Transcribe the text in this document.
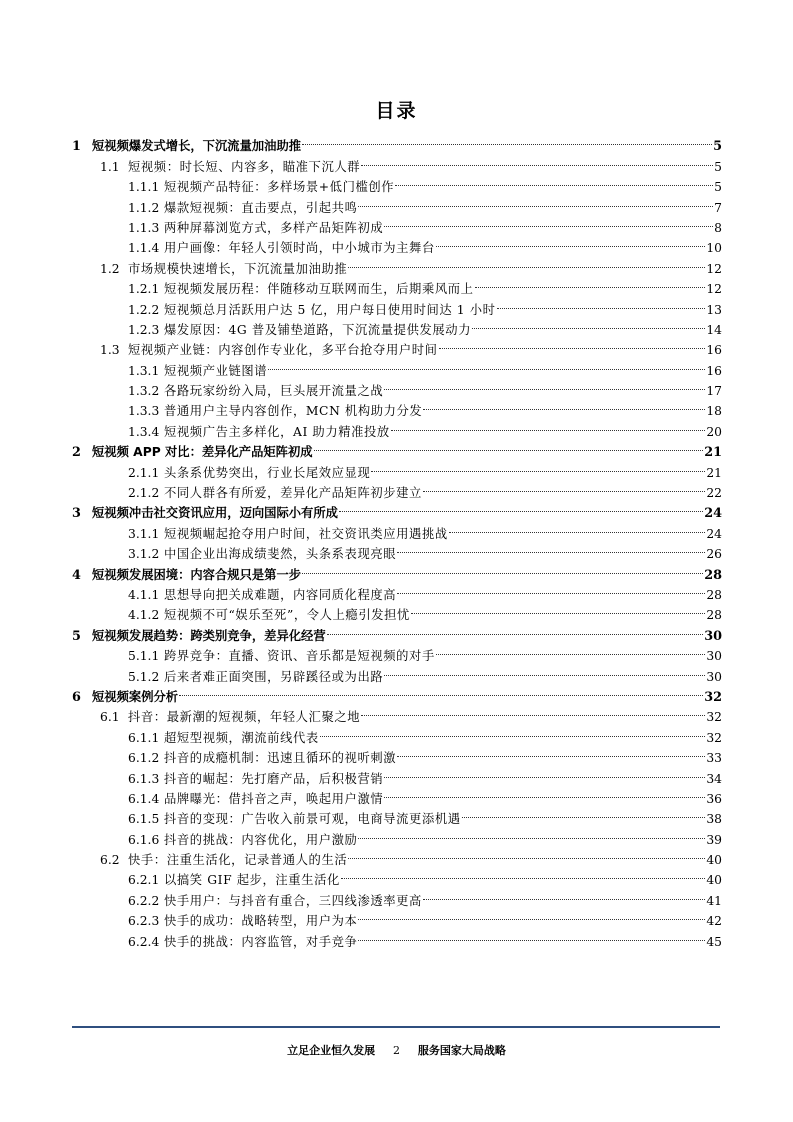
目录
1 短视频爆发式增长，下沉流量加油助推	5
1.1 短视频：时长短、内容多，瞄准下沉人群	5
1.1.1 短视频产品特征：多样场景+低门槛创作	5
1.1.2 爆款短视频：直击要点，引起共鸣	7
1.1.3 两种屏幕浏览方式，多样产品矩阵初成	8
1.1.4 用户画像：年轻人引领时尚，中小城市为主舞台	10
1.2 市场规模快速增长，下沉流量加油助推	12
1.2.1 短视频发展历程：伴随移动互联网而生，后期乘风而上	12
1.2.2 短视频总月活跃用户达 5 亿，用户每日使用时间达 1 小时	13
1.2.3 爆发原因：4G 普及铺垫道路，下沉流量提供发展动力	14
1.3 短视频产业链：内容创作专业化，多平台抢夺用户时间	16
1.3.1 短视频产业链图谱	16
1.3.2 各路玩家纷纷入局，巨头展开流量之战	17
1.3.3 普通用户主导内容创作，MCN 机构助力分发	18
1.3.4 短视频广告主多样化，AI 助力精准投放	20
2 短视频 APP 对比：差异化产品矩阵初成	21
2.1.1 头条系优势突出，行业长尾效应显现	21
2.1.2 不同人群各有所爱，差异化产品矩阵初步建立	22
3 短视频冲击社交资讯应用，迈向国际小有所成	24
3.1.1 短视频崛起抢夺用户时间，社交资讯类应用遇挑战	24
3.1.2 中国企业出海成绩斐然，头条系表现亮眼	26
4 短视频发展困境：内容合规只是第一步	28
4.1.1 思想导向把关成难题，内容同质化程度高	28
4.1.2 短视频不可“娱乐至死”，令人上瘾引发担忧	28
5 短视频发展趋势：跨类别竞争，差异化经营	30
5.1.1 跨界竞争：直播、资讯、音乐都是短视频的对手	30
5.1.2 后来者难正面突围，另辟蹊径或为出路	30
6 短视频案例分析	32
6.1 抖音：最新潮的短视频，年轻人汇聚之地	32
6.1.1 超短型视频，潮流前线代表	32
6.1.2 抖音的成瘾机制：迅速且循环的视听刺激	33
6.1.3 抖音的崛起：先打磨产品，后积极营销	34
6.1.4 品牌曝光：借抖音之声，唤起用户激情	36
6.1.5 抖音的变现：广告收入前景可观，电商导流更添机遇	38
6.1.6 抖音的挑战：内容优化，用户激励	39
6.2 快手：注重生活化，记录普通人的生活	40
6.2.1 以搞笑 GIF 起步，注重生活化	40
6.2.2 快手用户：与抖音有重合，三四线渗透率更高	41
6.2.3 快手的成功：战略转型，用户为本	42
6.2.4 快手的挑战：内容监管，对手竞争	45
立足企业恒久发展 2 服务国家大局战略
